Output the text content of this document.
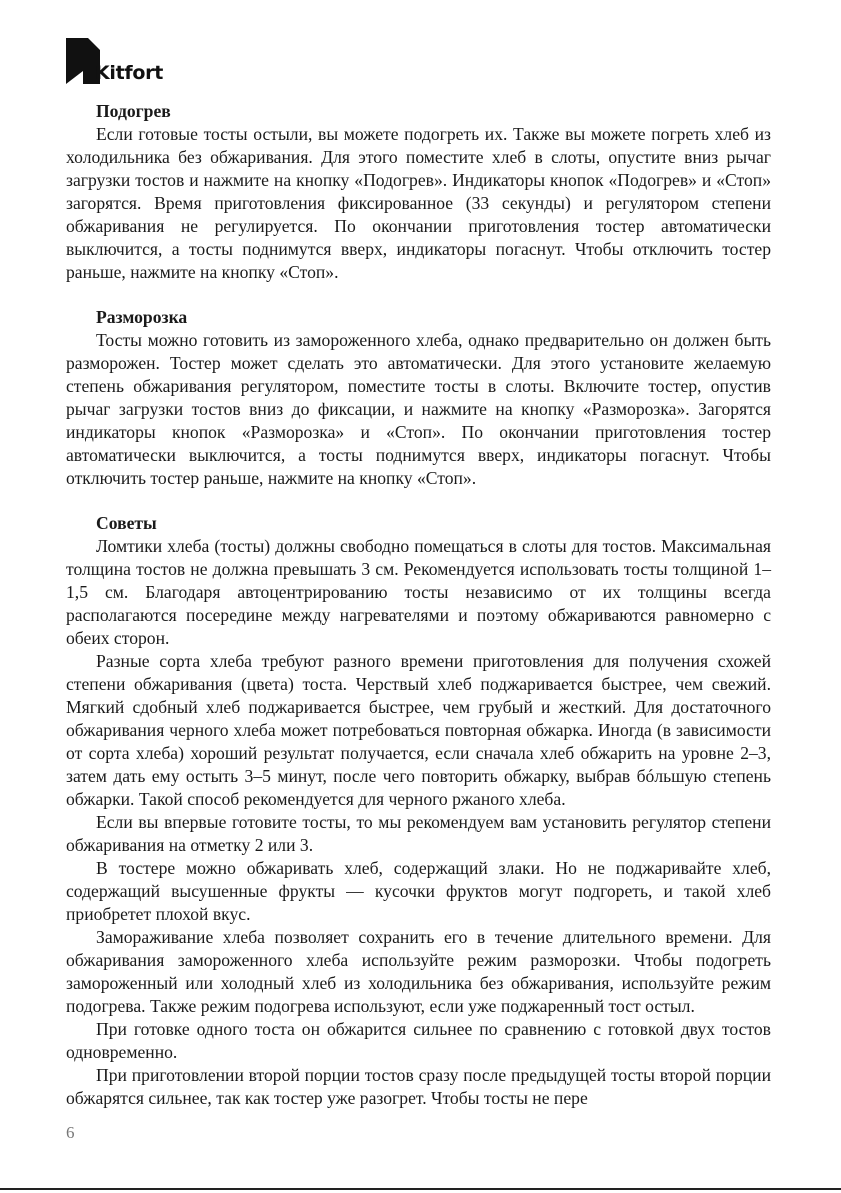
Kitfort

Подогрев

Если готовые тосты остыли, вы можете подогреть их. Также вы можете погреть хлеб из холодильника без обжаривания. Для этого поместите хлеб в слоты, опустите вниз рычаг загрузки тостов и нажмите на кнопку «Подогрев». Индикаторы кнопок «Подогрев» и «Стоп» загорятся. Время приготовления фиксированное (33 секунды) и регулятором степени обжаривания не регулируется. По окончании приготовления тостер автоматически выключится, а тосты поднимутся вверх, индикаторы погаснут. Чтобы отключить тостер раньше, нажмите на кнопку «Стоп».

Разморозка

Тосты можно готовить из замороженного хлеба, однако предварительно он должен быть разморожен. Тостер может сделать это автоматически. Для этого установите желаемую степень обжаривания регулятором, поместите тосты в слоты. Включите тостер, опустив рычаг загрузки тостов вниз до фиксации, и нажмите на кнопку «Разморозка». Загорятся индикаторы кнопок «Разморозка» и «Стоп». По окончании приготовления тостер автоматически выключится, а тосты поднимутся вверх, индикаторы погаснут. Чтобы отключить тостер раньше, нажмите на кнопку «Стоп».

Советы

Ломтики хлеба (тосты) должны свободно помещаться в слоты для тостов. Максимальная толщина тостов не должна превышать 3 см. Рекомендуется использовать тосты толщиной 1–1,5 см. Благодаря автоцентрированию тосты независимо от их толщины всегда располагаются посередине между нагревателями и поэтому обжариваются равномерно с обеих сторон.

Разные сорта хлеба требуют разного времени приготовления для получения схожей степени обжаривания (цвета) тоста. Черствый хлеб поджаривается быстрее, чем свежий. Мягкий сдобный хлеб поджаривается быстрее, чем грубый и жесткий. Для достаточного обжаривания черного хлеба может потребоваться повторная обжарка. Иногда (в зависимости от сорта хлеба) хороший результат получается, если сначала хлеб обжарить на уровне 2–3, затем дать ему остыть 3–5 минут, после чего повторить обжарку, выбрав бóльшую степень обжарки. Такой способ рекомендуется для черного ржаного хлеба.

Если вы впервые готовите тосты, то мы рекомендуем вам установить регулятор степени обжаривания на отметку 2 или 3.

В тостере можно обжаривать хлеб, содержащий злаки. Но не поджаривайте хлеб, содержащий высушенные фрукты — кусочки фруктов могут подгореть, и такой хлеб приобретет плохой вкус.

Замораживание хлеба позволяет сохранить его в течение длительного времени. Для обжаривания замороженного хлеба используйте режим разморозки. Чтобы подогреть замороженный или холодный хлеб из холодильника без обжаривания, используйте режим подогрева. Также режим подогрева используют, если уже поджаренный тост остыл.

При готовке одного тоста он обжарится сильнее по сравнению с готовкой двух тостов одновременно.

При приготовлении второй порции тостов сразу после предыдущей тосты второй порции обжарятся сильнее, так как тостер уже разогрет. Чтобы тосты не пере

6
